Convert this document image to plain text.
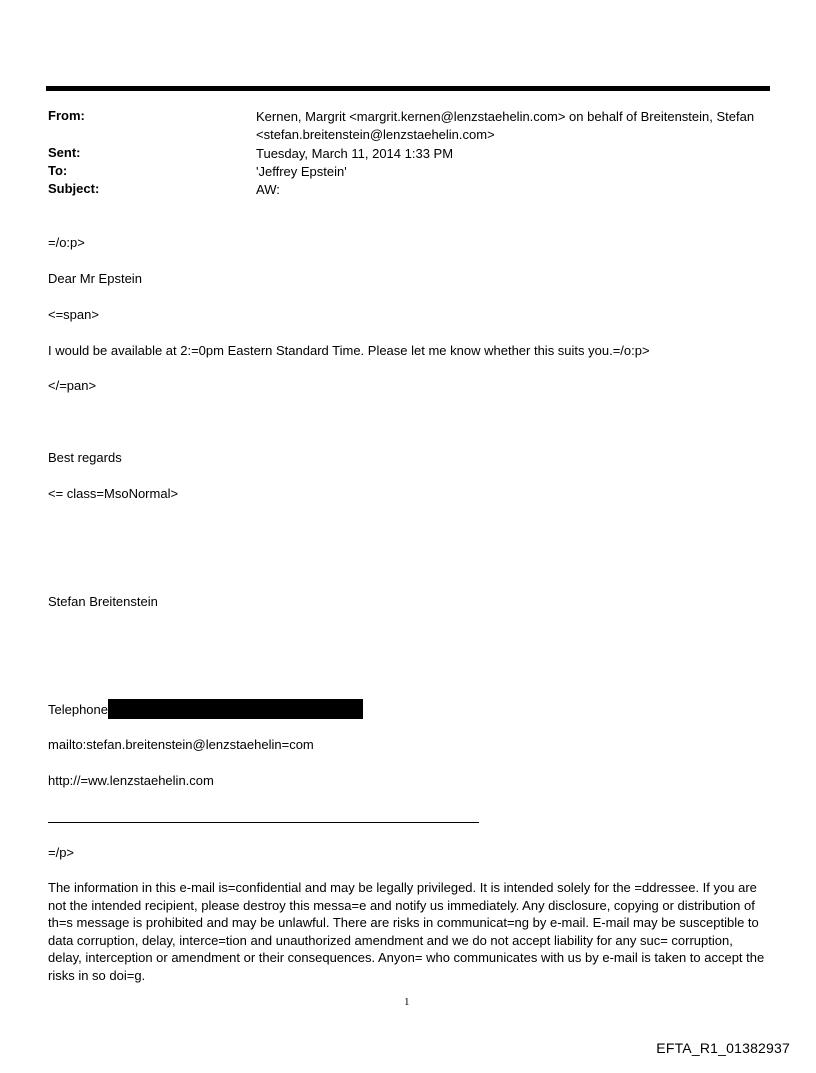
From:	Kernen, Margrit <margrit.kernen@lenzstaehelin.com> on behalf of Breitenstein, Stefan <stefan.breitenstein@lenzstaehelin.com>
Sent:	Tuesday, March 11, 2014 1:33 PM
To:	'Jeffrey Epstein'
Subject:	AW:
=/o:p>
Dear Mr Epstein
<=span>
I would be available at 2:=0pm Eastern Standard Time. Please let me know whether this suits you.=/o:p>
</=pan>
Best regards
<= class=MsoNormal>
Stefan Breitenstein
Telephone
mailto:stefan.breitenstein@lenzstaehelin=com
http://=ww.lenzstaehelin.com
=/p>
The information in this e-mail is=confidential and may be legally privileged. It is intended solely for the =ddressee. If you are not the intended recipient, please destroy this messa=e and notify us immediately. Any disclosure, copying or distribution of th=s message is prohibited and may be unlawful. There are risks in communicat=ng by e-mail. E-mail may be susceptible to data corruption, delay, interce=tion and unauthorized amendment and we do not accept liability for any suc= corruption, delay, interception or amendment or their consequences. Anyon= who communicates with us by e-mail is taken to accept the risks in so doi=g.
1
EFTA_R1_01382937
